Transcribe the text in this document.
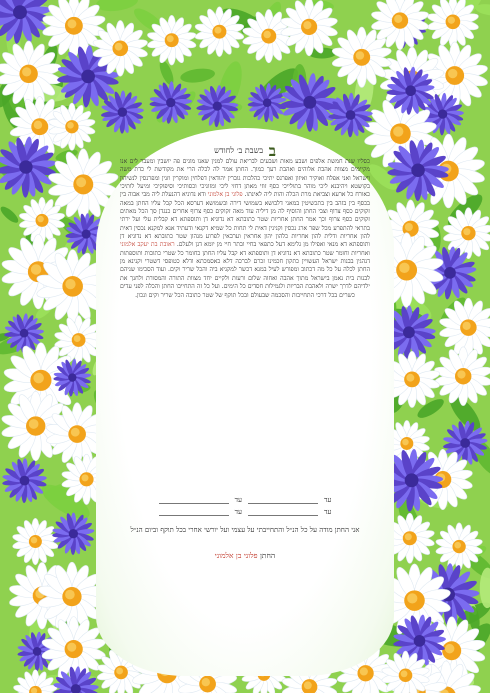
ב בשבת ב׳ לחודש
כסליו שנת חמשת אלפים ושבע מאות ושבעים לבריאת עולם למנין שאנו מונים פה יושבין ומעבר לים אנו מקיימים מצוות אהבת אלוהים ואהבת רעך כמוך. החתן אמר לה לכלה הרי את מקודשת לי כדת משה וישראל ואני אפלח ואוקיר ואיזון ואפרנס יתיכי כהלכות גוברין יהודאין דפלחין ומוקרין וזנין ומפרנסין לנשיהון בקושטא ויהיבנא ליכי מוהר בתולייכי כסף זוזי מאתן דחזי ליכי ומזוניכי וכסותיכי וסיפוקיכי ומיעל לותיכי כאורח כל ארעא וצביאת מרת הכלה והות ליה לאינתו. פלוני בן אלמוני ודא נדוניא דהנעלת ליה מבי אבוה בין בכסף בין בזהב בין בתכשיטין במאני דלבושא בשמושי דירה ובשמושא דערסא הכל קבל עליו החתן במאה זקוקים כסף צרוף וצבי החתן והוסיף לה מן דיליה עוד מאה זקוקים כסף צרוף אחרים כנגדן סך הכל מאתים זקוקים כסף צרוף וכך אמר החתן אחריות שטר כתובתא דא נדוניא דן ותוספתא דא קבלית עלי ועל ירתי בתראי להתפרע מכל שפר ארג נכסין וקנינין דאית לי תחות כל שמיא דקנאי ודעתיד אנא למקנא נכסין דאית להון אחריות ודלית להון אחריות כלהון יהון אחראין וערבאין לפרוע מנהון שטר כתובתא דא נדוניא דן ותוספתא דא מנאי ואפילו מן גלימא דעל כתפאי בחיי ובתר חיי מן יומא דנן ולעלם. ראובת בת יעקב אלמוני ואחריות וחומר שטר כתובתא דא נדוניא דן ותוספתא דא קבל עליו החתן כחומר כל שטרי כתובות ותוספתות דנהגין בבנות ישראל העשויין כתקון חכמינו זכרם לברכה דלא כאסמכתא ודלא כטופסי דשטרי וקנינא מן החתן לכלה על כל מה דכתוב ומפורש לעיל במנא דכשר למקניא ביה והכל שריר וקים. ועוד הסכימו שניהם לבנות בית נאמן בישראל מתוך אהבה ואחוה שלום ורעות ולקיים יחד מצוות התורה והמסורת ולחנך את ילדיהם לדרך ישרה ולאהבת הבריות ולגמילות חסדים כל הימים. ועל כל זה התחייבו החתן והכלה לפני עדים כשרים בכל דרכי התחייבות והסכמה שבעולם ובכל תוקף של שטר כתובה הכל שריר וקים ונכון.
עד
עד
עד
עד
אני החתן מודה על כל הנ״ל והתחייבתי על עצמי ועל יורשי אחרי בכל תוקף וביום הנ״ל
החתן פלוני בן אלמוני
